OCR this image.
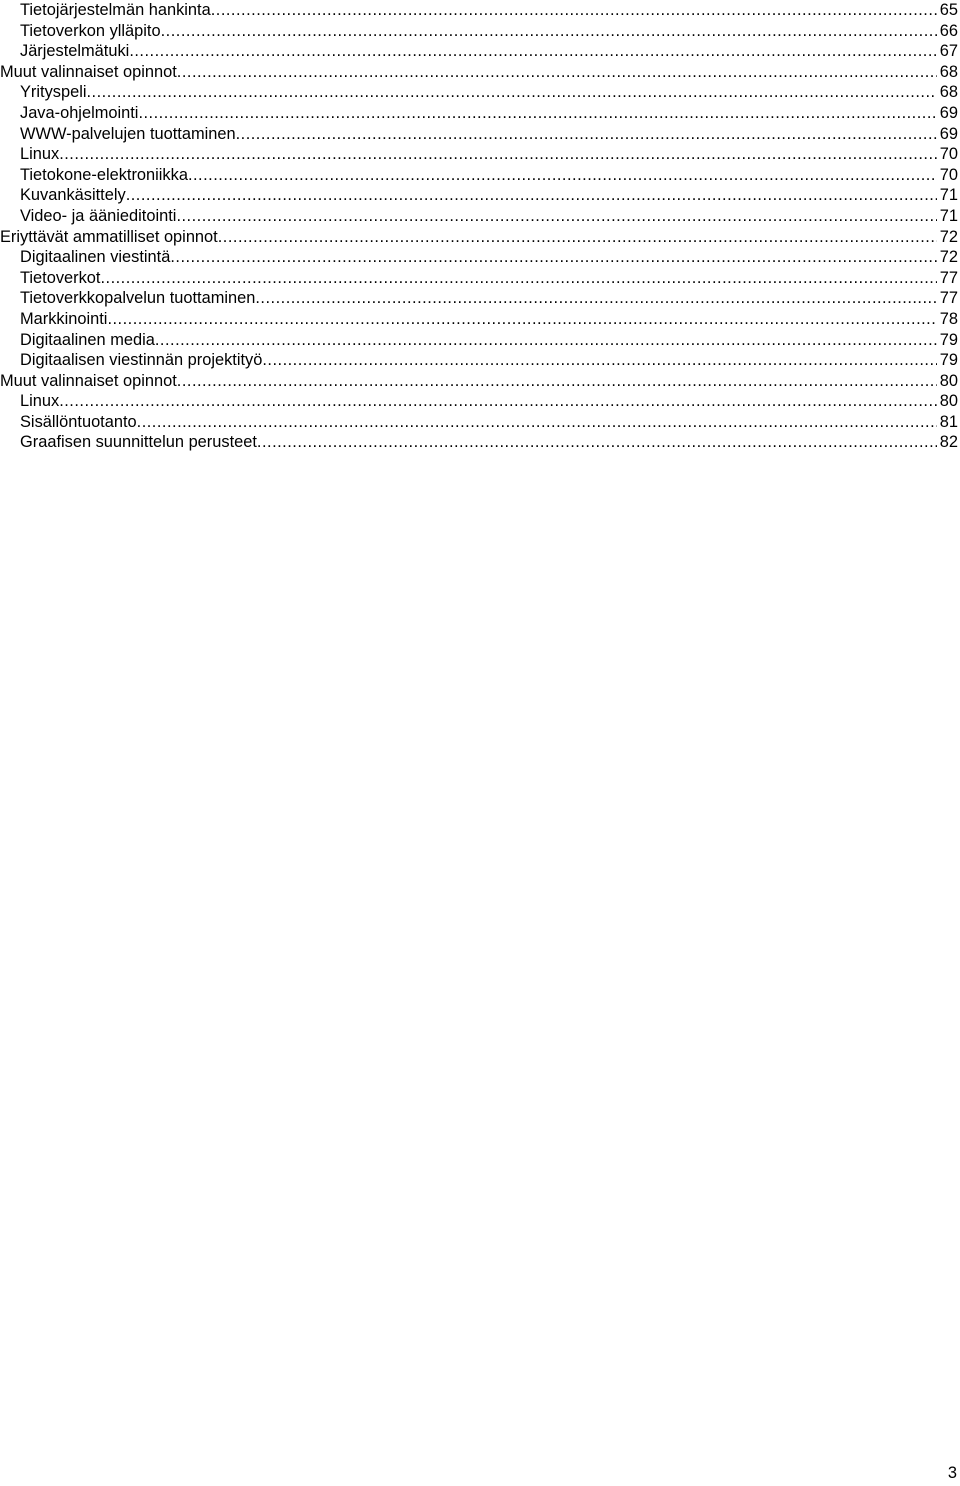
Tietojärjestelmän hankinta .....	65
Tietoverkon ylläpito .....	66
Järjestelmätuki .....	67
Muut valinnaiset opinnot .....	68
Yrityspeli .....	68
Java-ohjelmointi .....	69
WWW-palvelujen tuottaminen .....	69
Linux .....	70
Tietokone-elektroniikka .....	70
Kuvankäsittely .....	71
Video- ja äänieditointi .....	71
Eriyttävät ammatilliset opinnot .....	72
Digitaalinen viestintä .....	72
Tietoverkot .....	77
Tietoverkkopalvelun tuottaminen .....	77
Markkinointi .....	78
Digitaalinen media .....	79
Digitaalisen viestinnän projektityö .....	79
Muut valinnaiset opinnot .....	80
Linux .....	80
Sisällöntuotanto .....	81
Graafisen suunnittelun perusteet .....	82
3
